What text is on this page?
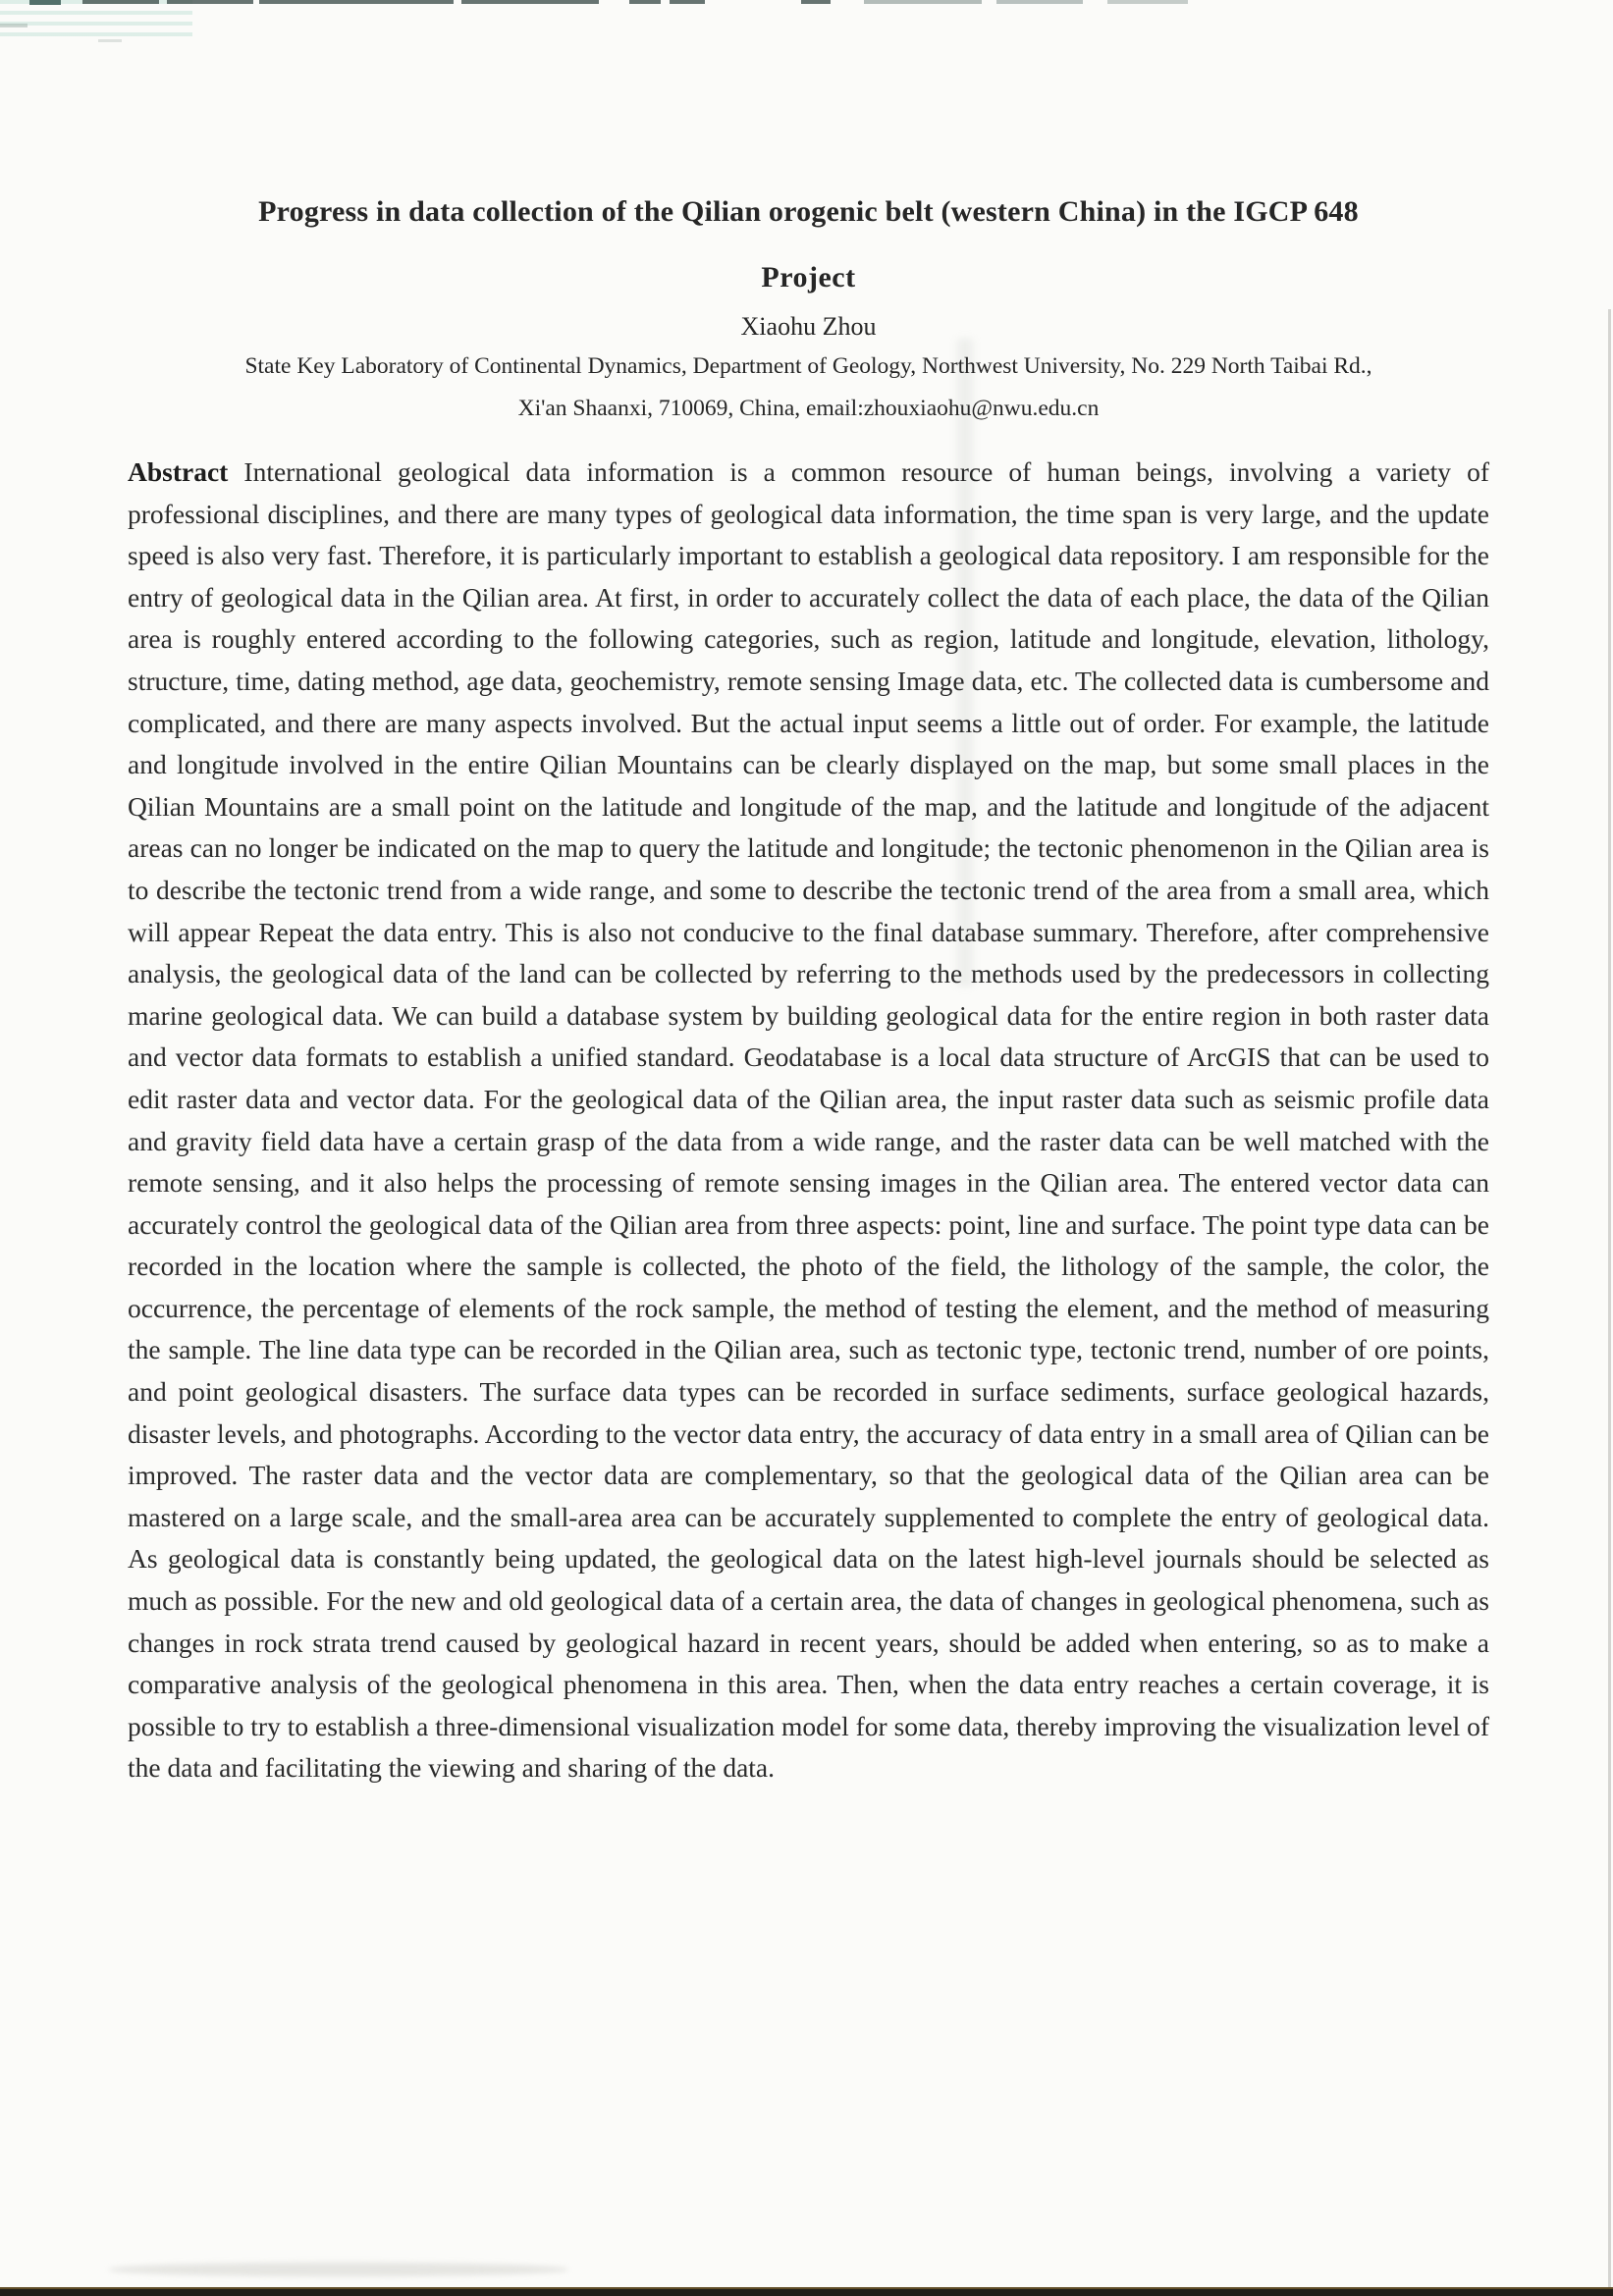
Progress in data collection of the Qilian orogenic belt (western China) in the IGCP 648
Project
Xiaohu Zhou
State Key Laboratory of Continental Dynamics, Department of Geology, Northwest University, No. 229 North Taibai Rd.,
Xi'an Shaanxi, 710069, China, email:zhouxiaohu@nwu.edu.cn

Abstract International geological data information is a common resource of human beings, involving a variety of professional disciplines, and there are many types of geological data information, the time span is very large, and the update speed is also very fast. Therefore, it is particularly important to establish a geological data repository. I am responsible for the entry of geological data in the Qilian area. At first, in order to accurately collect the data of each place, the data of the Qilian area is roughly entered according to the following categories, such as region, latitude and longitude, elevation, lithology, structure, time, dating method, age data, geochemistry, remote sensing Image data, etc. The collected data is cumbersome and complicated, and there are many aspects involved. But the actual input seems a little out of order. For example, the latitude and longitude involved in the entire Qilian Mountains can be clearly displayed on the map, but some small places in the Qilian Mountains are a small point on the latitude and longitude of the map, and the latitude and longitude of the adjacent areas can no longer be indicated on the map to query the latitude and longitude; the tectonic phenomenon in the Qilian area is to describe the tectonic trend from a wide range, and some to describe the tectonic trend of the area from a small area, which will appear Repeat the data entry. This is also not conducive to the final database summary. Therefore, after comprehensive analysis, the geological data of the land can be collected by referring to the methods used by the predecessors in collecting marine geological data. We can build a database system by building geological data for the entire region in both raster data and vector data formats to establish a unified standard. Geodatabase is a local data structure of ArcGIS that can be used to edit raster data and vector data. For the geological data of the Qilian area, the input raster data such as seismic profile data and gravity field data have a certain grasp of the data from a wide range, and the raster data can be well matched with the remote sensing, and it also helps the processing of remote sensing images in the Qilian area. The entered vector data can accurately control the geological data of the Qilian area from three aspects: point, line and surface. The point type data can be recorded in the location where the sample is collected, the photo of the field, the lithology of the sample, the color, the occurrence, the percentage of elements of the rock sample, the method of testing the element, and the method of measuring the sample. The line data type can be recorded in the Qilian area, such as tectonic type, tectonic trend, number of ore points, and point geological disasters. The surface data types can be recorded in surface sediments, surface geological hazards, disaster levels, and photographs. According to the vector data entry, the accuracy of data entry in a small area of Qilian can be improved. The raster data and the vector data are complementary, so that the geological data of the Qilian area can be mastered on a large scale, and the small-area area can be accurately supplemented to complete the entry of geological data. As geological data is constantly being updated, the geological data on the latest high-level journals should be selected as much as possible. For the new and old geological data of a certain area, the data of changes in geological phenomena, such as changes in rock strata trend caused by geological hazard in recent years, should be added when entering, so as to make a comparative analysis of the geological phenomena in this area. Then, when the data entry reaches a certain coverage, it is possible to try to establish a three-dimensional visualization model for some data, thereby improving the visualization level of the data and facilitating the viewing and sharing of the data.
